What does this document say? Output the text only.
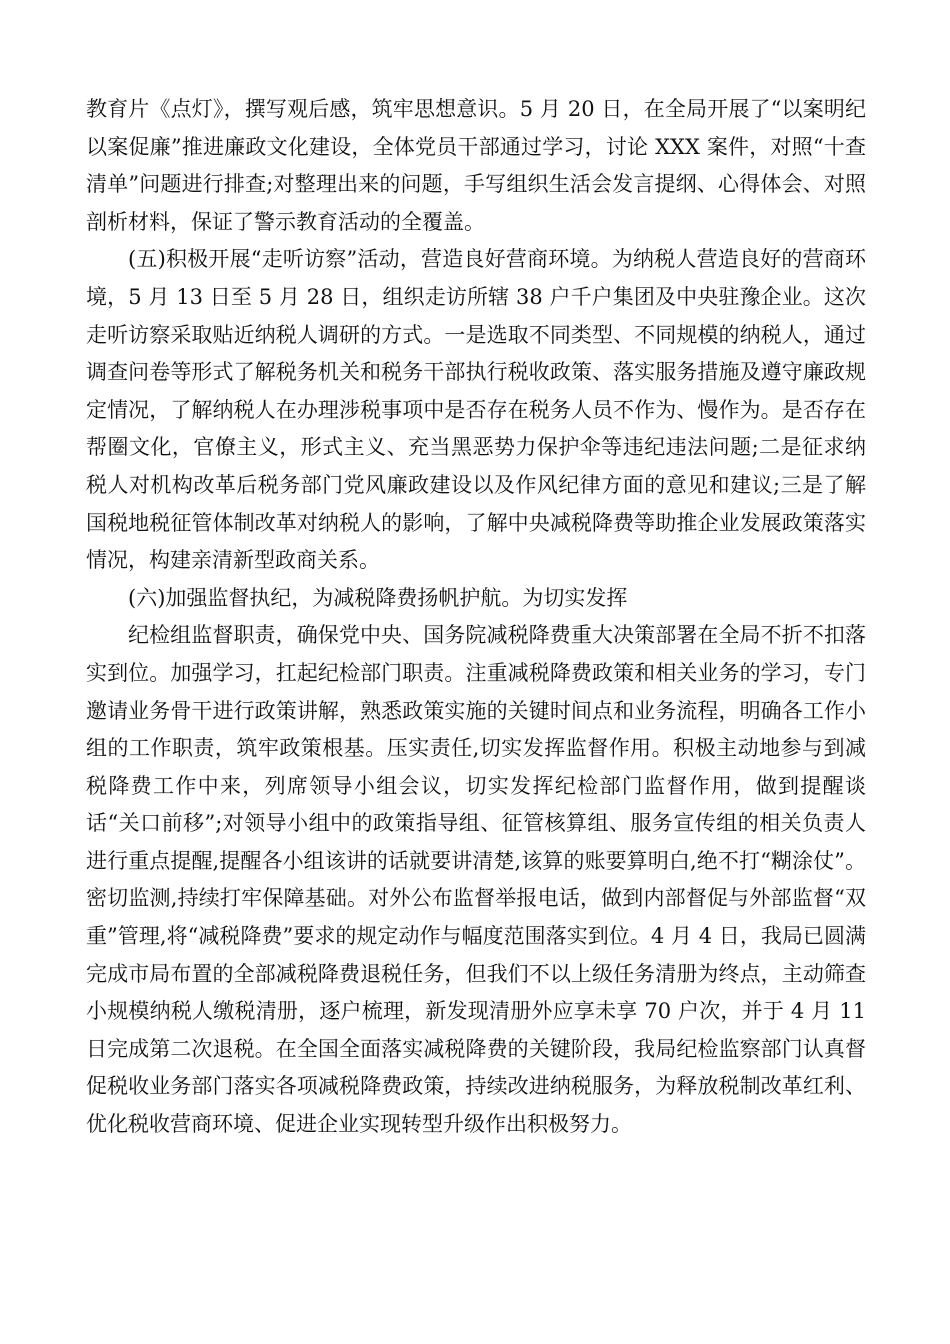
教育片《点灯》，撰写观后感，筑牢思想意识。5 月 20 日，在全局开展了“以案明纪 以案促廉”推进廉政文化建设，全体党员干部通过学习，讨论 XXX 案件，对照“十查清单”问题进行排查;对整理出来的问题，手写组织生活会发言提纲、心得体会、对照剖析材料，保证了警示教育活动的全覆盖。

(五)积极开展“走听访察”活动，营造良好营商环境。为纳税人营造良好的营商环境，5 月 13 日至 5 月 28 日，组织走访所辖 38 户千户集团及中央驻豫企业。这次走听访察采取贴近纳税人调研的方式。一是选取不同类型、不同规模的纳税人，通过调查问卷等形式了解税务机关和税务干部执行税收政策、落实服务措施及遵守廉政规定情况，了解纳税人在办理涉税事项中是否存在税务人员不作为、慢作为。是否存在帮圈文化，官僚主义，形式主义、充当黑恶势力保护伞等违纪违法问题;二是征求纳税人对机构改革后税务部门党风廉政建设以及作风纪律方面的意见和建议;三是了解国税地税征管体制改革对纳税人的影响，了解中央减税降费等助推企业发展政策落实情况，构建亲清新型政商关系。

(六)加强监督执纪，为减税降费扬帆护航。为切实发挥

纪检组监督职责，确保党中央、国务院减税降费重大决策部署在全局不折不扣落实到位。加强学习，扛起纪检部门职责。注重减税降费政策和相关业务的学习，专门邀请业务骨干进行政策讲解，熟悉政策实施的关键时间点和业务流程，明确各工作小组的工作职责，筑牢政策根基。压实责任,切实发挥监督作用。积极主动地参与到减税降费工作中来，列席领导小组会议，切实发挥纪检部门监督作用，做到提醒谈话“关口前移”;对领导小组中的政策指导组、征管核算组、服务宣传组的相关负责人进行重点提醒,提醒各小组该讲的话就要讲清楚,该算的账要算明白,绝不打“糊涂仗”。密切监测,持续打牢保障基础。对外公布监督举报电话，做到内部督促与外部监督“双重”管理,将“减税降费”要求的规定动作与幅度范围落实到位。4 月 4 日，我局已圆满完成市局布置的全部减税降费退税任务，但我们不以上级任务清册为终点，主动筛查小规模纳税人缴税清册，逐户梳理，新发现清册外应享未享 70 户次，并于 4 月 11 日完成第二次退税。在全国全面落实减税降费的关键阶段，我局纪检监察部门认真督促税收业务部门落实各项减税降费政策，持续改进纳税服务，为释放税制改革红利、优化税收营商环境、促进企业实现转型升级作出积极努力。
